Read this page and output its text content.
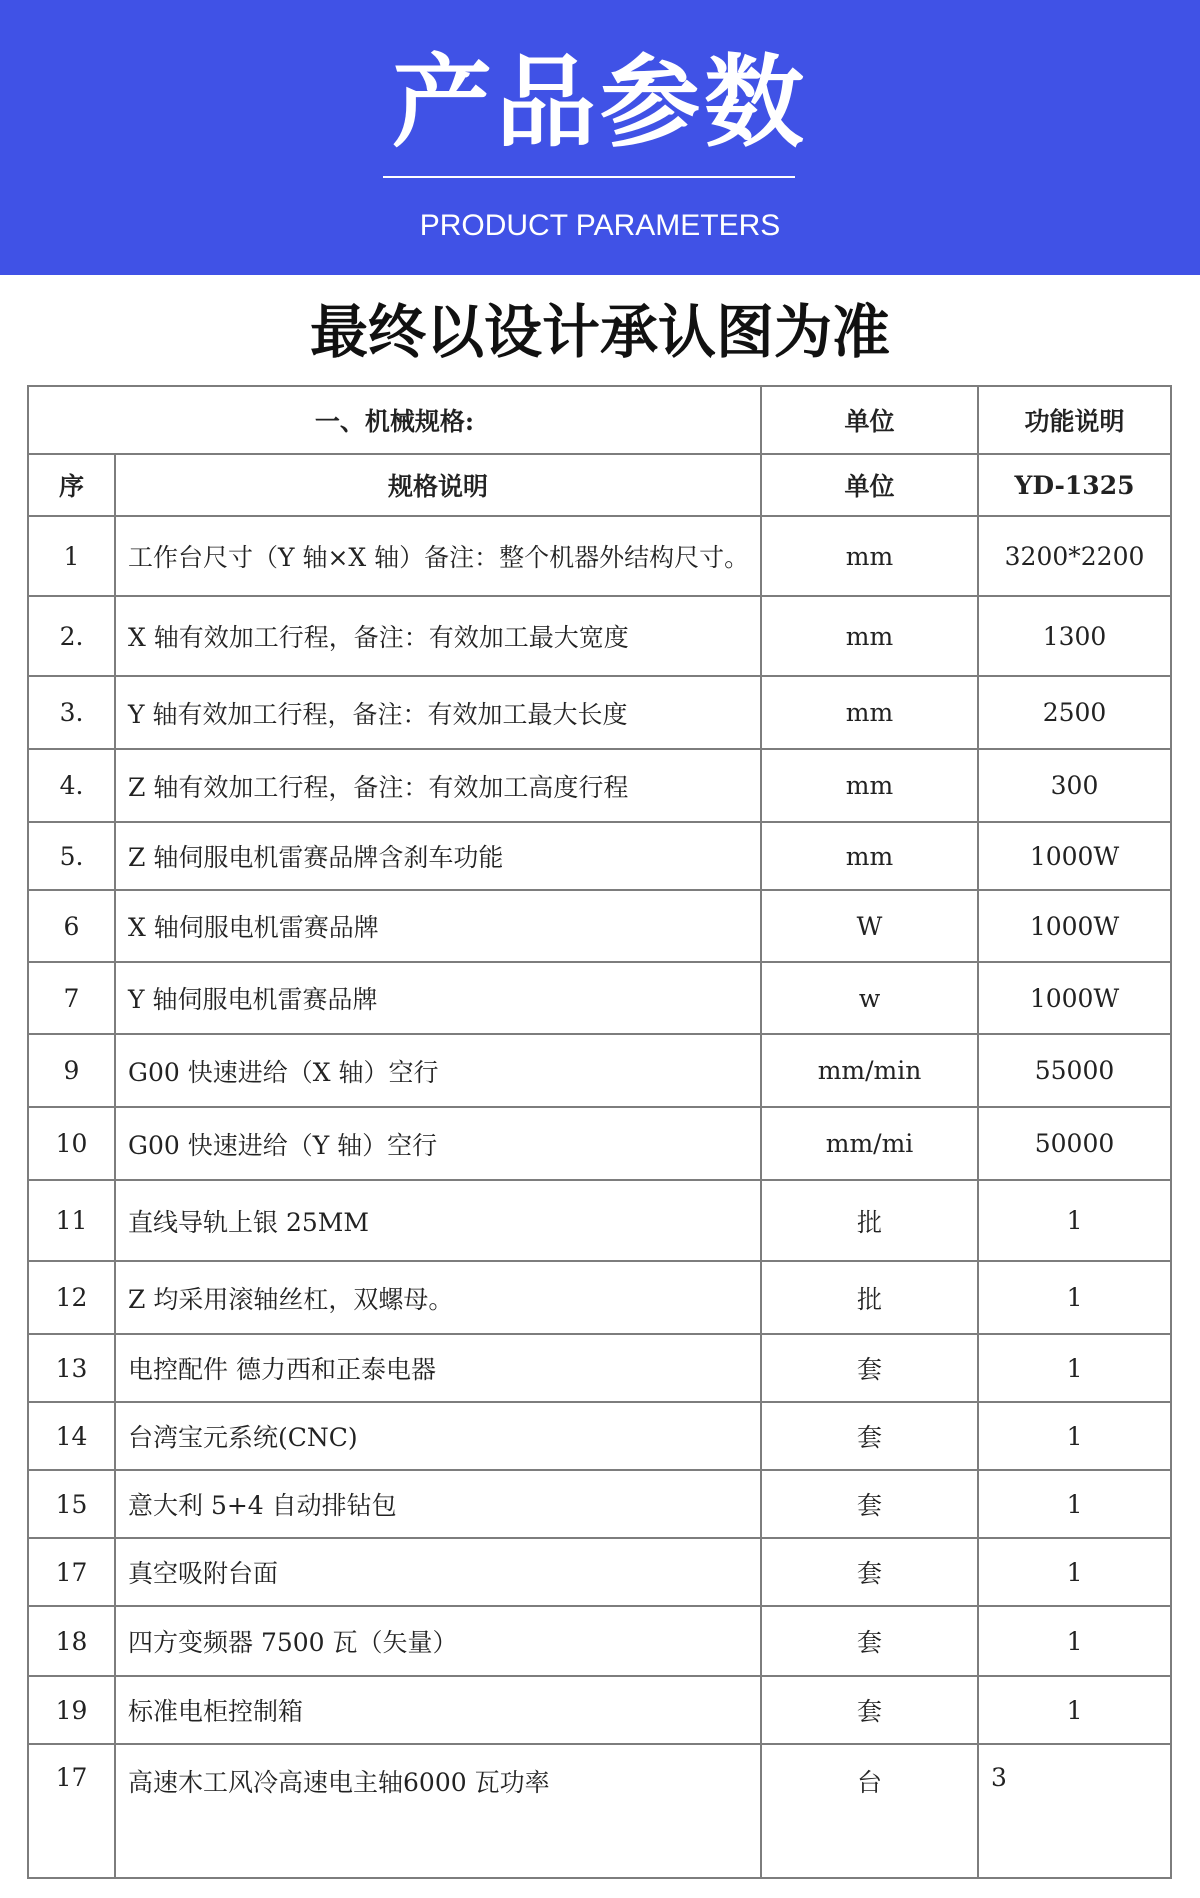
产品参数
PRODUCT PARAMETERS
最终以设计承认图为准
一、机械规格:		单位	功能说明
序	规格说明	单位	YD-1325
1	工作台尺寸（Y 轴×X 轴）备注：整个机器外结构尺寸。	mm	3200*2200
2.	X 轴有效加工行程，备注：有效加工最大宽度	mm	1300
3.	Y 轴有效加工行程，备注：有效加工最大长度	mm	2500
4.	Z 轴有效加工行程，备注：有效加工高度行程	mm	300
5.	Z 轴伺服电机雷赛品牌含刹车功能	mm	1000W
6	X 轴伺服电机雷赛品牌	W	1000W
7	Y 轴伺服电机雷赛品牌	w	1000W
9	G00 快速进给（X 轴）空行	mm/min	55000
10	G00 快速进给（Y 轴）空行	mm/mi	50000
11	直线导轨上银 25MM	批	1
12	Z 均采用滚轴丝杠，双螺母。	批	1
13	电控配件 德力西和正泰电器	套	1
14	台湾宝元系统(CNC)	套	1
15	意大利 5+4 自动排钻包	套	1
17	真空吸附台面	套	1
18	四方变频器 7500 瓦（矢量）	套	1
19	标准电柜控制箱	套	1
17	高速木工风冷高速电主轴6000 瓦功率	台	3
